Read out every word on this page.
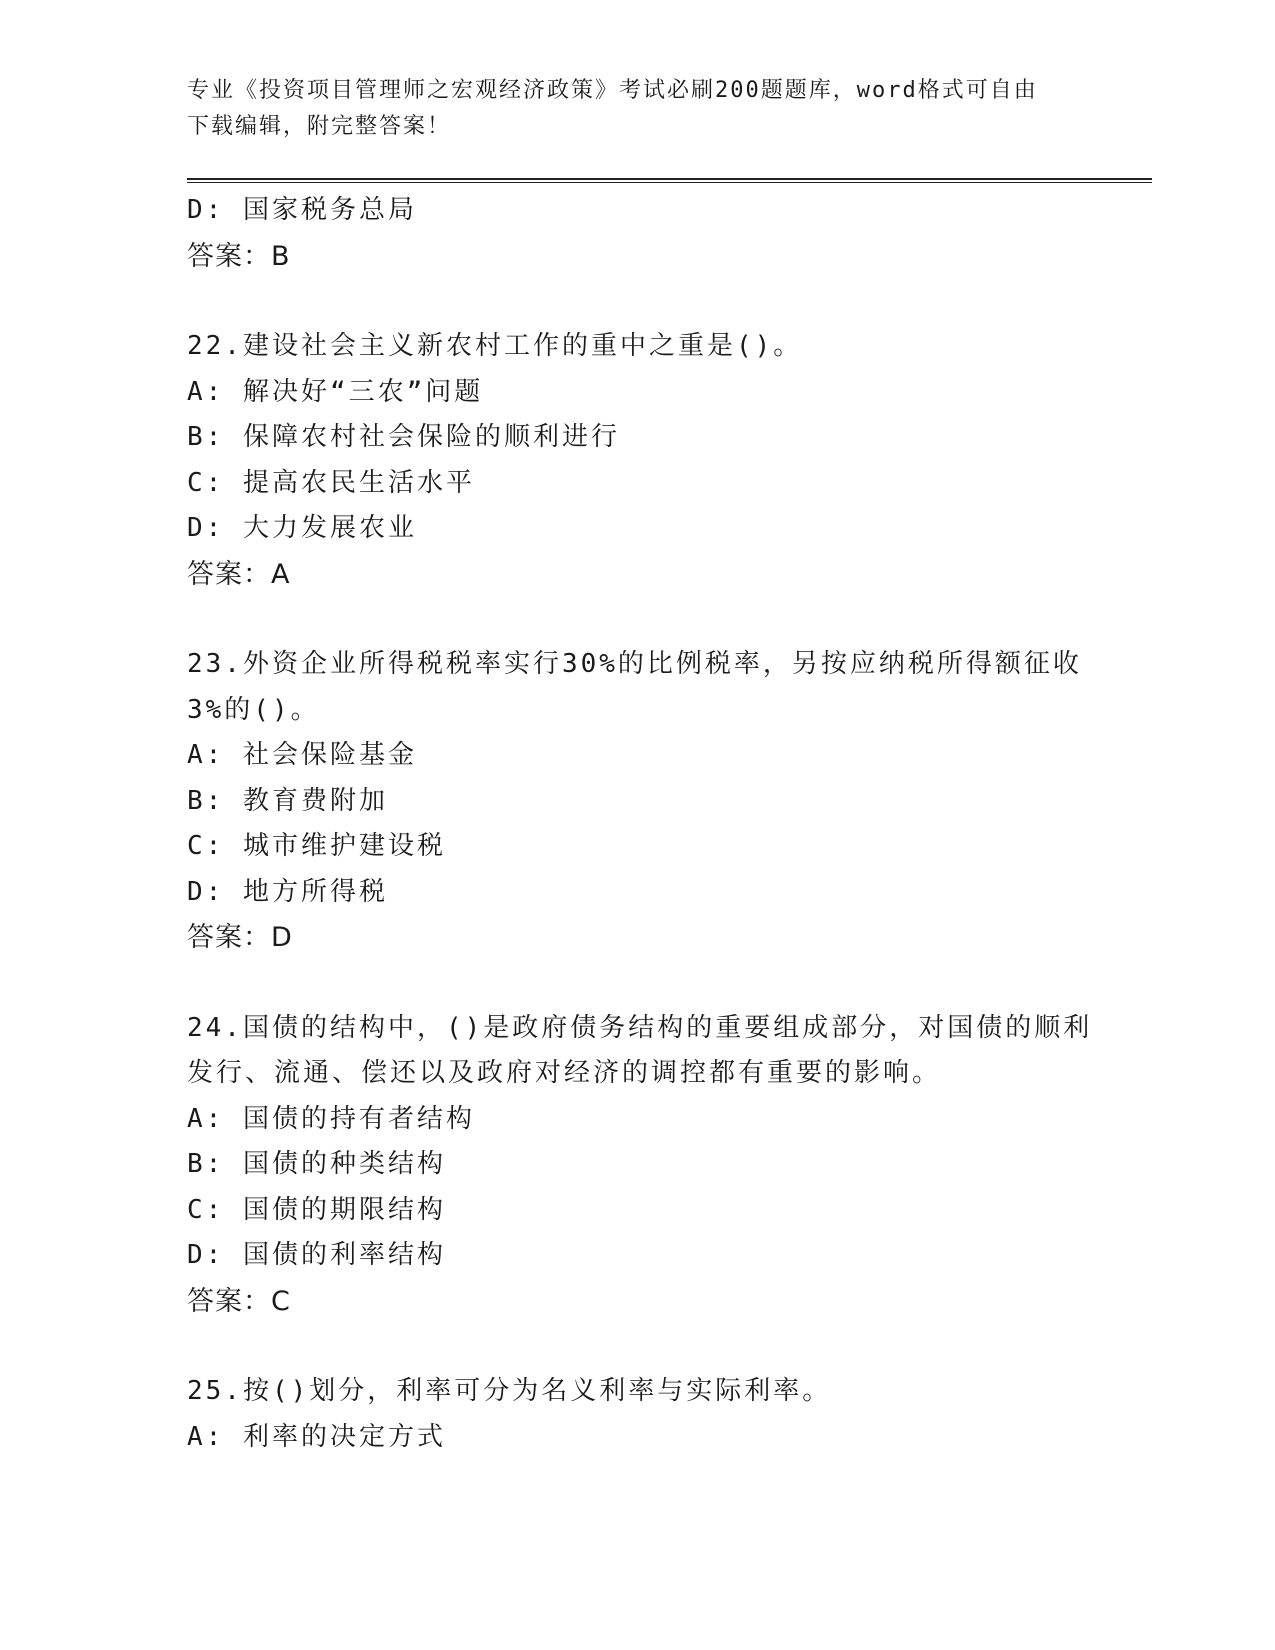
专业《投资项目管理师之宏观经济政策》考试必刷200题题库，word格式可自由
下载编辑，附完整答案！
D: 国家税务总局
答案：B
22.建设社会主义新农村工作的重中之重是()。
A: 解决好“三农”问题
B: 保障农村社会保险的顺利进行
C: 提高农民生活水平
D: 大力发展农业
答案：A
23.外资企业所得税税率实行30%的比例税率，另按应纳税所得额征收
3%的()。
A: 社会保险基金
B: 教育费附加
C: 城市维护建设税
D: 地方所得税
答案：D
24.国债的结构中，()是政府债务结构的重要组成部分，对国债的顺利
发行、流通、偿还以及政府对经济的调控都有重要的影响。
A: 国债的持有者结构
B: 国债的种类结构
C: 国债的期限结构
D: 国债的利率结构
答案：C
25.按()划分，利率可分为名义利率与实际利率。
A: 利率的决定方式
